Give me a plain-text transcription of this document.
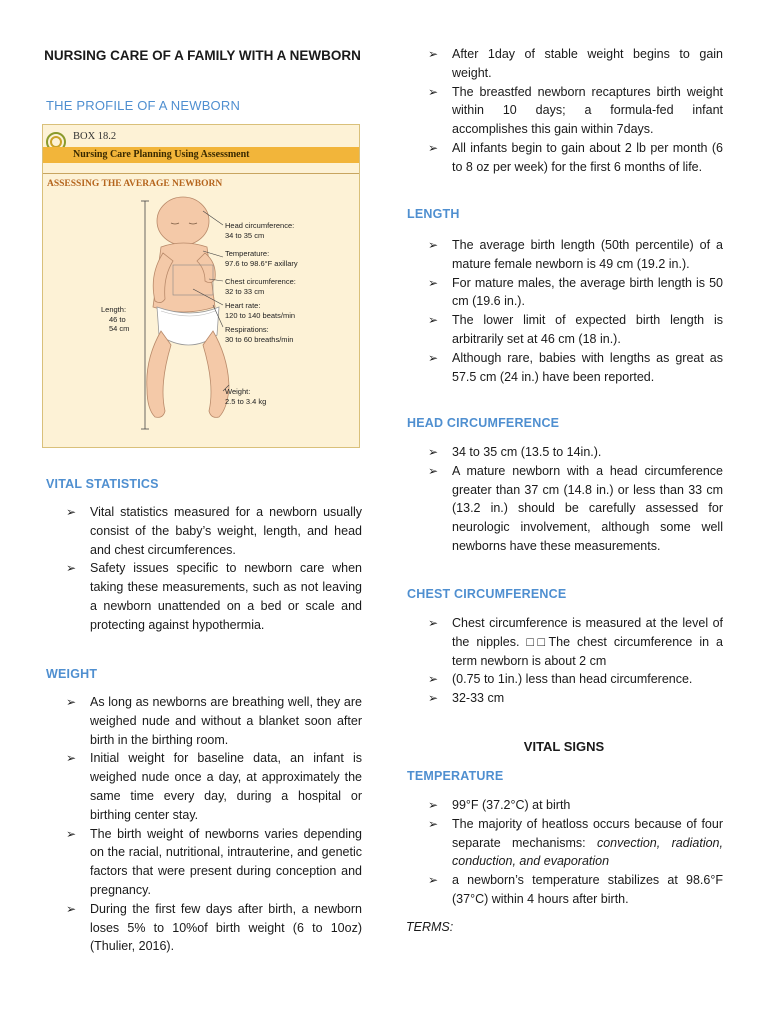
NURSING CARE OF A FAMILY WITH A NEWBORN
THE PROFILE OF A NEWBORN
BOX 18.2
Nursing Care Planning Using Assessment
ASSESSING THE AVERAGE NEWBORN
Length:
46 to
54 cm
Head circumference:
34 to 35 cm
Temperature:
97.6 to 98.6°F axillary
Chest circumference:
32 to 33 cm
Heart rate:
120 to 140 beats/min
Respirations:
30 to 60 breaths/min
Weight:
2.5 to 3.4 kg
VITAL STATISTICS
➢ Vital statistics measured for a newborn usually consist of the baby’s weight, length, and head and chest circumferences.
➢ Safety issues specific to newborn care when taking these measurements, such as not leaving a newborn unattended on a bed or scale and protecting against hypothermia.
WEIGHT
➢ As long as newborns are breathing well, they are weighed nude and without a blanket soon after birth in the birthing room.
➢ Initial weight for baseline data, an infant is weighed nude once a day, at approximately the same time every day, during a hospital or birthing center stay.
➢ The birth weight of newborns varies depending on the racial, nutritional, intrauterine, and genetic factors that were present during conception and pregnancy.
➢ During the first few days after birth, a newborn loses 5% to 10%of birth weight (6 to 10oz) (Thulier, 2016).
➢ After 1day of stable weight begins to gain weight.
➢ The breastfed newborn recaptures birth weight within 10 days; a formula-fed infant accomplishes this gain within 7days.
➢ All infants begin to gain about 2 lb per month (6 to 8 oz per week) for the first 6 months of life.
LENGTH
➢ The average birth length (50th percentile) of a mature female newborn is 49 cm (19.2 in.).
➢ For mature males, the average birth length is 50 cm (19.6 in.).
➢ The lower limit of expected birth length is arbitrarily set at 46 cm (18 in.).
➢ Although rare, babies with lengths as great as 57.5 cm (24 in.) have been reported.
HEAD CIRCUMFERENCE
➢ 34 to 35 cm (13.5 to 14in.).
➢ A mature newborn with a head circumference greater than 37 cm (14.8 in.) or less than 33 cm (13.2 in.) should be carefully assessed for neurologic involvement, although some well newborns have these measurements.
CHEST CIRCUMFERENCE
➢ Chest circumference is measured at the level of the nipples. □□The chest circumference in a term newborn is about 2 cm
➢ (0.75 to 1in.) less than head circumference.
➢ 32-33 cm
VITAL SIGNS
TEMPERATURE
➢ 99°F (37.2°C) at birth
➢ The majority of heatloss occurs because of four separate mechanisms: convection, radiation, conduction, and evaporation
➢ a newborn’s temperature stabilizes at 98.6°F (37°C) within 4 hours after birth.

TERMS:
